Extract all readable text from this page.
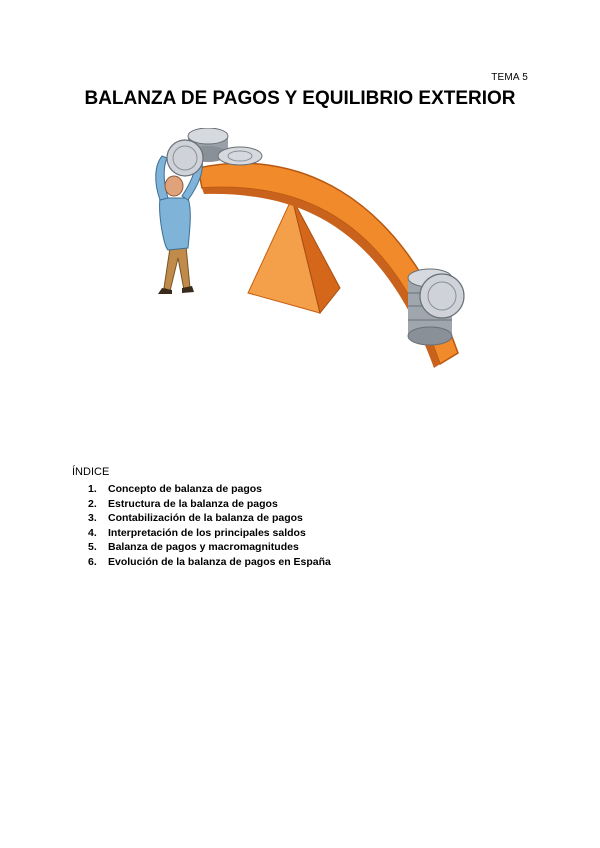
TEMA 5
BALANZA DE PAGOS Y EQUILIBRIO EXTERIOR
ÍNDICE
1. Concepto de balanza de pagos
2. Estructura de la balanza de pagos
3. Contabilización de la balanza de pagos
4. Interpretación de los principales saldos
5. Balanza de pagos y macromagnitudes
6. Evolución de la balanza de pagos en España
